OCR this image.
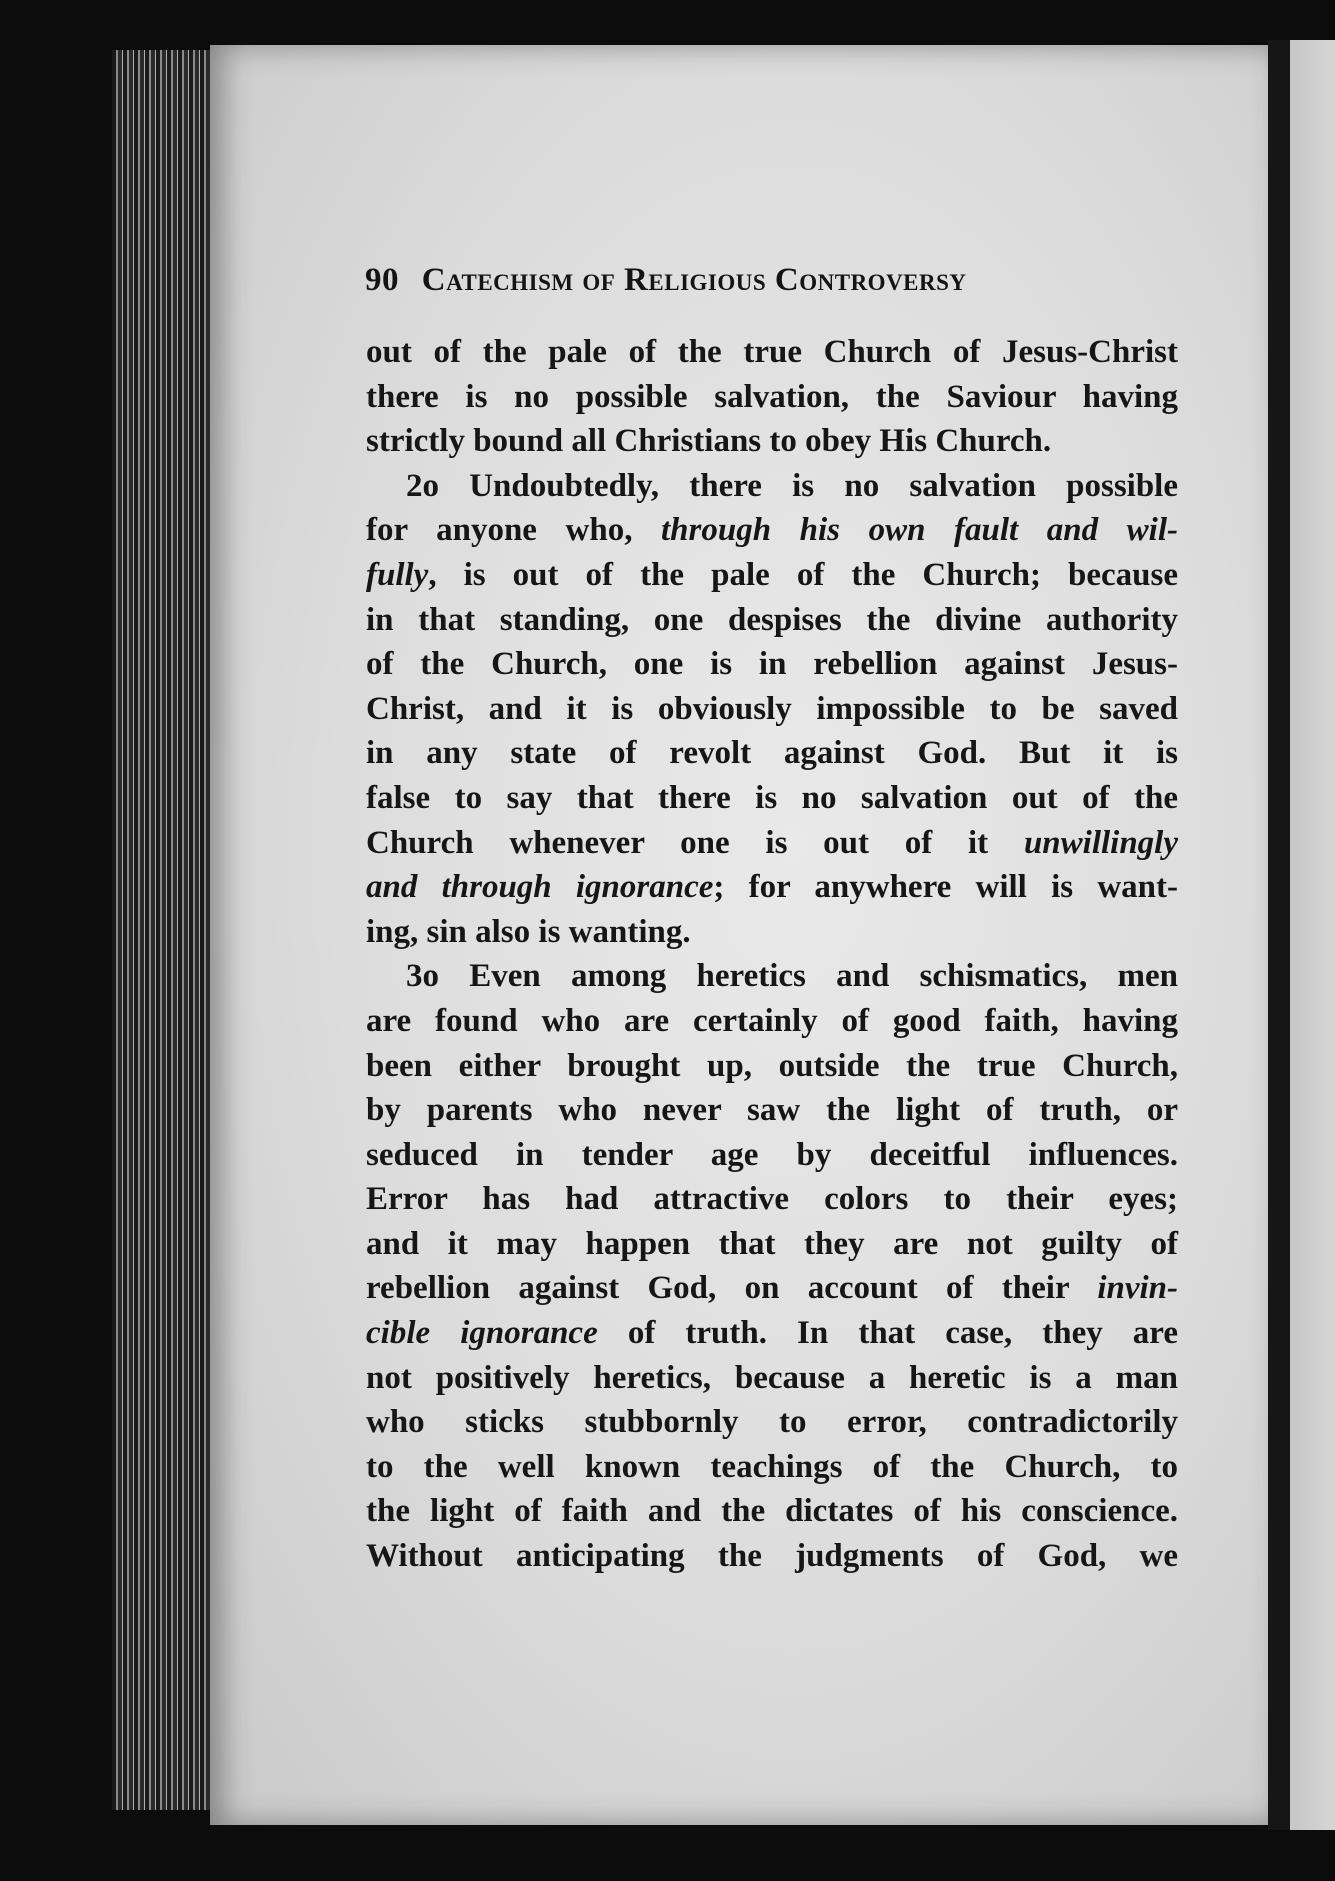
90 Catechism of Religious Controversy
out of the pale of the true Church of Jesus-Christ
there is no possible salvation, the Saviour having
strictly bound all Christians to obey His Church.
2o Undoubtedly, there is no salvation possible
for anyone who, through his own fault and wil-
fully, is out of the pale of the Church; because
in that standing, one despises the divine authority
of the Church, one is in rebellion against Jesus-
Christ, and it is obviously impossible to be saved
in any state of revolt against God. But it is
false to say that there is no salvation out of the
Church whenever one is out of it unwillingly
and through ignorance; for anywhere will is want-
ing, sin also is wanting.
3o Even among heretics and schismatics, men
are found who are certainly of good faith, having
been either brought up, outside the true Church,
by parents who never saw the light of truth, or
seduced in tender age by deceitful influences.
Error has had attractive colors to their eyes;
and it may happen that they are not guilty of
rebellion against God, on account of their invin-
cible ignorance of truth. In that case, they are
not positively heretics, because a heretic is a man
who sticks stubbornly to error, contradictorily
to the well known teachings of the Church, to
the light of faith and the dictates of his conscience.
Without anticipating the judgments of God, we
